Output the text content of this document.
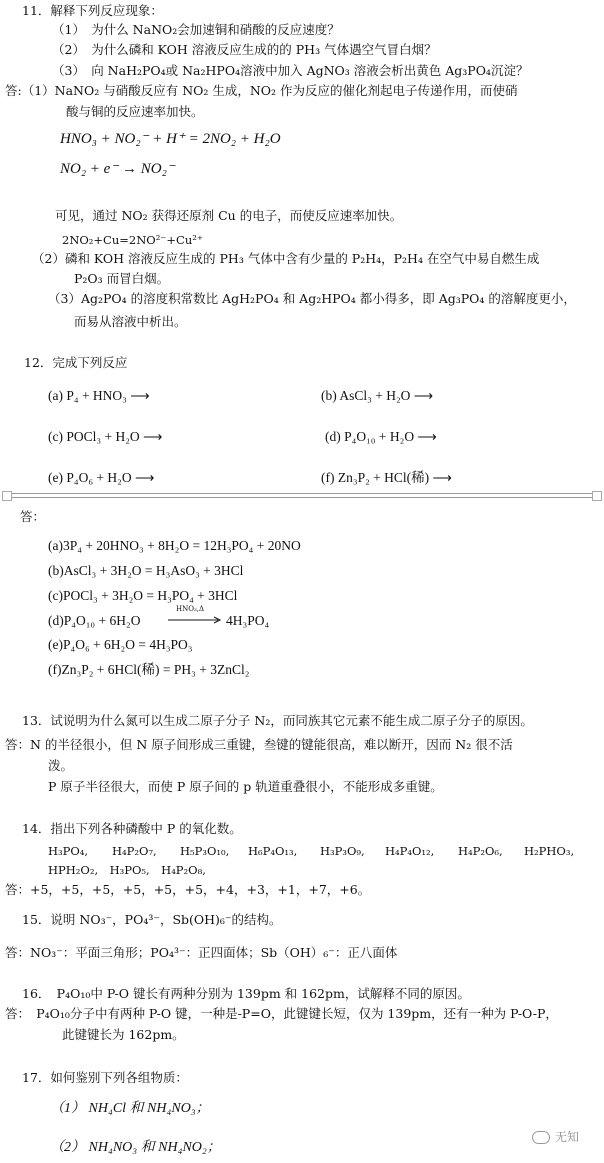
11．解释下列反应现象：
（1）　为什么 NaNO₂会加速铜和硝酸的反应速度？
（2）　为什么磷和 KOH 溶液反应生成的的 PH₃ 气体遇空气冒白烟？
（3）　向 NaH₂PO₄或 Na₂HPO₄溶液中加入 AgNO₃ 溶液会析出黄色 Ag₃PO₄沉淀？
答:（1）NaNO₂ 与硝酸反应有 NO₂ 生成，NO₂ 作为反应的催化剂起电子传递作用，而使硝
酸与铜的反应速率加快。
HNO₃ + NO₂⁻ + H⁺ = 2NO₂ + H₂O
NO₂ + e⁻ → NO₂⁻
可见，通过 NO₂ 获得还原剂 Cu 的电子，而使反应速率加快。
2NO₂+Cu=2NO²⁻+Cu²⁺
（2）磷和 KOH 溶液反应生成的 PH₃ 气体中含有少量的 P₂H₄，P₂H₄ 在空气中易自燃生成
P₂O₃ 而冒白烟。
（3）Ag₂PO₄ 的溶度积常数比 AgH₂PO₄ 和 Ag₂HPO₄ 都小得多，即 Ag₃PO₄ 的溶解度更小，
而易从溶液中析出。
12．完成下列反应
(a) P₄ + HNO₃ ⟶	(b) AsCl₃ + H₂O ⟶
(c) POCl₃ + H₂O ⟶	(d) P₄O₁₀ + H₂O ⟶
(e) P₄O₆ + H₂O ⟶	(f) Zn₃P₂ + HCl(稀) ⟶
答：
(a)3P₄ + 20HNO₃ + 8H₂O = 12H₃PO₄ + 20NO
(b)AsCl₃ + 3H₂O = H₃AsO₃ + 3HCl
(c)POCl₃ + 3H₂O = H₃PO₄ + 3HCl
(d)P₄O₁₀ + 6H₂O
HNO₃,Δ
4H₃PO₄
(e)P₄O₆ + 6H₂O = 4H₃PO₃
(f)Zn₃P₂ + 6HCl(稀) = PH₃ + 3ZnCl₂
13．试说明为什么氮可以生成二原子分子 N₂，而同族其它元素不能生成二原子分子的原因。
答：N 的半径很小，但 N 原子间形成三重键，叁键的键能很高，难以断开，因而 N₂ 很不活
泼。
P 原子半径很大，而使 P 原子间的 p 轨道重叠很小，不能形成多重键。
14．指出下列各种磷酸中 P 的氧化数。
H₃PO₄, H₄P₂O₇, H₅P₃O₁₀, H₆P₄O₁₃, H₃P₃O₉, H₄P₄O₁₂, H₄P₂O₆, H₂PHO₃,
HPH₂O₂,　H₃PO₅,　H₄P₂O₈,
答：+5，+5，+5，+5，+5，+5，+4，+3，+1，+7，+6。
15．说明 NO₃⁻，PO₄³⁻，Sb(OH)₆⁻的结构。
答：NO₃⁻：平面三角形；PO₄³⁻：正四面体；Sb（OH）₆⁻：正八面体
16．　P₄O₁₀中 P-O 键长有两种分别为 139pm 和 162pm，试解释不同的原因。
答：　P₄O₁₀分子中有两种 P-O 键，一种是-P=O，此键键长短，仅为 139pm，还有一种为 P-O-P，
此键键长为 162pm。
17．如何鉴别下列各组物质：
（1） NH₄Cl 和 NH₄NO₃；
（2） NH₄NO₃ 和 NH₄NO₂；
无知
